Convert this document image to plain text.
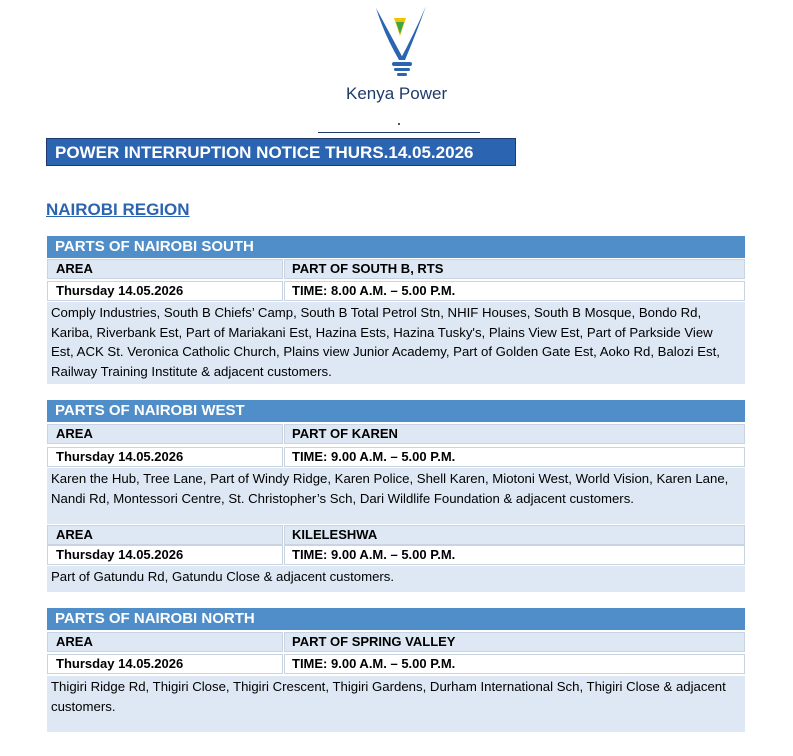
Kenya Power
POWER INTERRUPTION NOTICE THURS.14.05.2026
NAIROBI REGION
PARTS OF NAIROBI SOUTH
AREA	PART OF SOUTH B, RTS
Thursday 14.05.2026	TIME: 8.00 A.M. – 5.00 P.M.
Comply Industries, South B Chiefs’ Camp, South B Total Petrol Stn, NHIF Houses, South B Mosque, Bondo Rd, Kariba, Riverbank Est, Part of Mariakani Est, Hazina Ests, Hazina Tusky's, Plains View Est, Part of Parkside View Est, ACK St. Veronica Catholic Church, Plains view Junior Academy, Part of Golden Gate Est, Aoko Rd, Balozi Est, Railway Training Institute & adjacent customers.
PARTS OF NAIROBI WEST
AREA	PART OF KAREN
Thursday 14.05.2026	TIME: 9.00 A.M. – 5.00 P.M.
Karen the Hub, Tree Lane, Part of Windy Ridge, Karen Police, Shell Karen, Miotoni West, World Vision, Karen Lane, Nandi Rd, Montessori Centre, St. Christopher’s Sch, Dari Wildlife Foundation & adjacent customers.
AREA	KILELESHWA
Thursday 14.05.2026	TIME: 9.00 A.M. – 5.00 P.M.
Part of Gatundu Rd, Gatundu Close & adjacent customers.
PARTS OF NAIROBI NORTH
AREA	PART OF SPRING VALLEY
Thursday 14.05.2026	TIME: 9.00 A.M. – 5.00 P.M.
Thigiri Ridge Rd, Thigiri Close, Thigiri Crescent, Thigiri Gardens, Durham International Sch, Thigiri Close & adjacent customers.
